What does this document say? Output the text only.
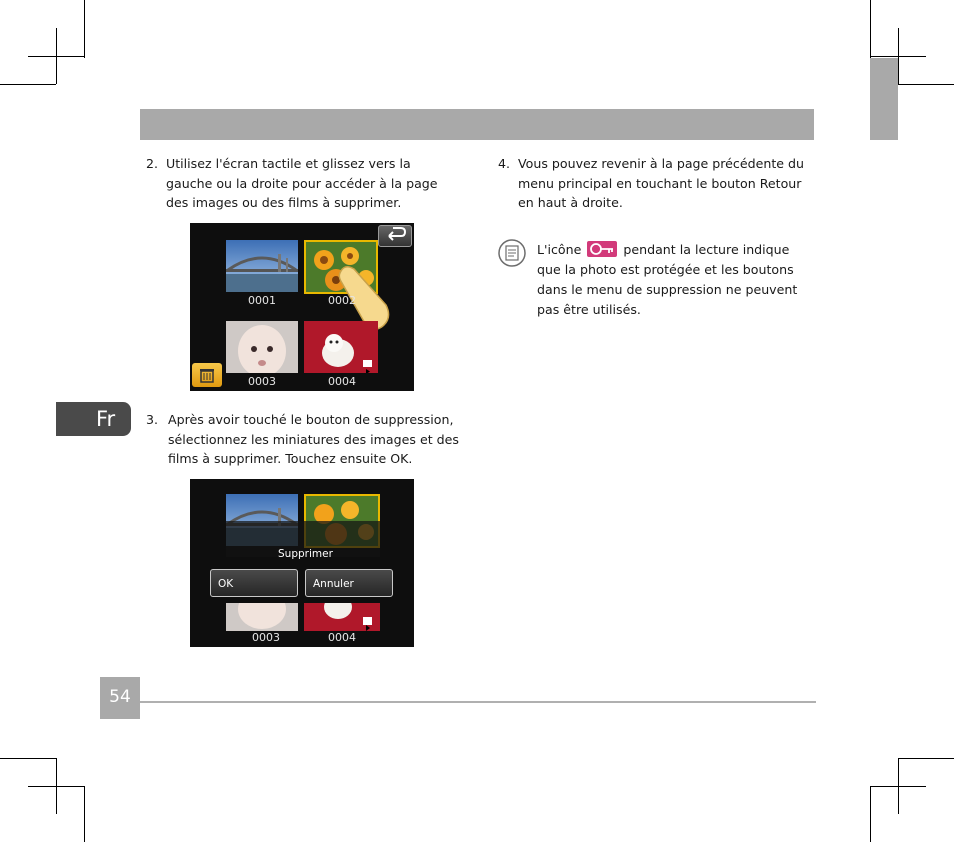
Fr
2. Utilisez l'écran tactile et glissez vers la gauche ou la droite pour accéder à la page des images ou des films à supprimer.
0001	0002
0003	0004
3. Après avoir touché le bouton de suppression, sélectionnez les miniatures des images et des films à supprimer. Touchez ensuite OK.
Supprimer
OK	Annuler
0003	0004
4. Vous pouvez revenir à la page précédente du menu principal en touchant le bouton Retour en haut à droite.
L'icône	pendant la lecture indique que la photo est protégée et les boutons dans le menu de suppression ne peuvent pas être utilisés.
54
